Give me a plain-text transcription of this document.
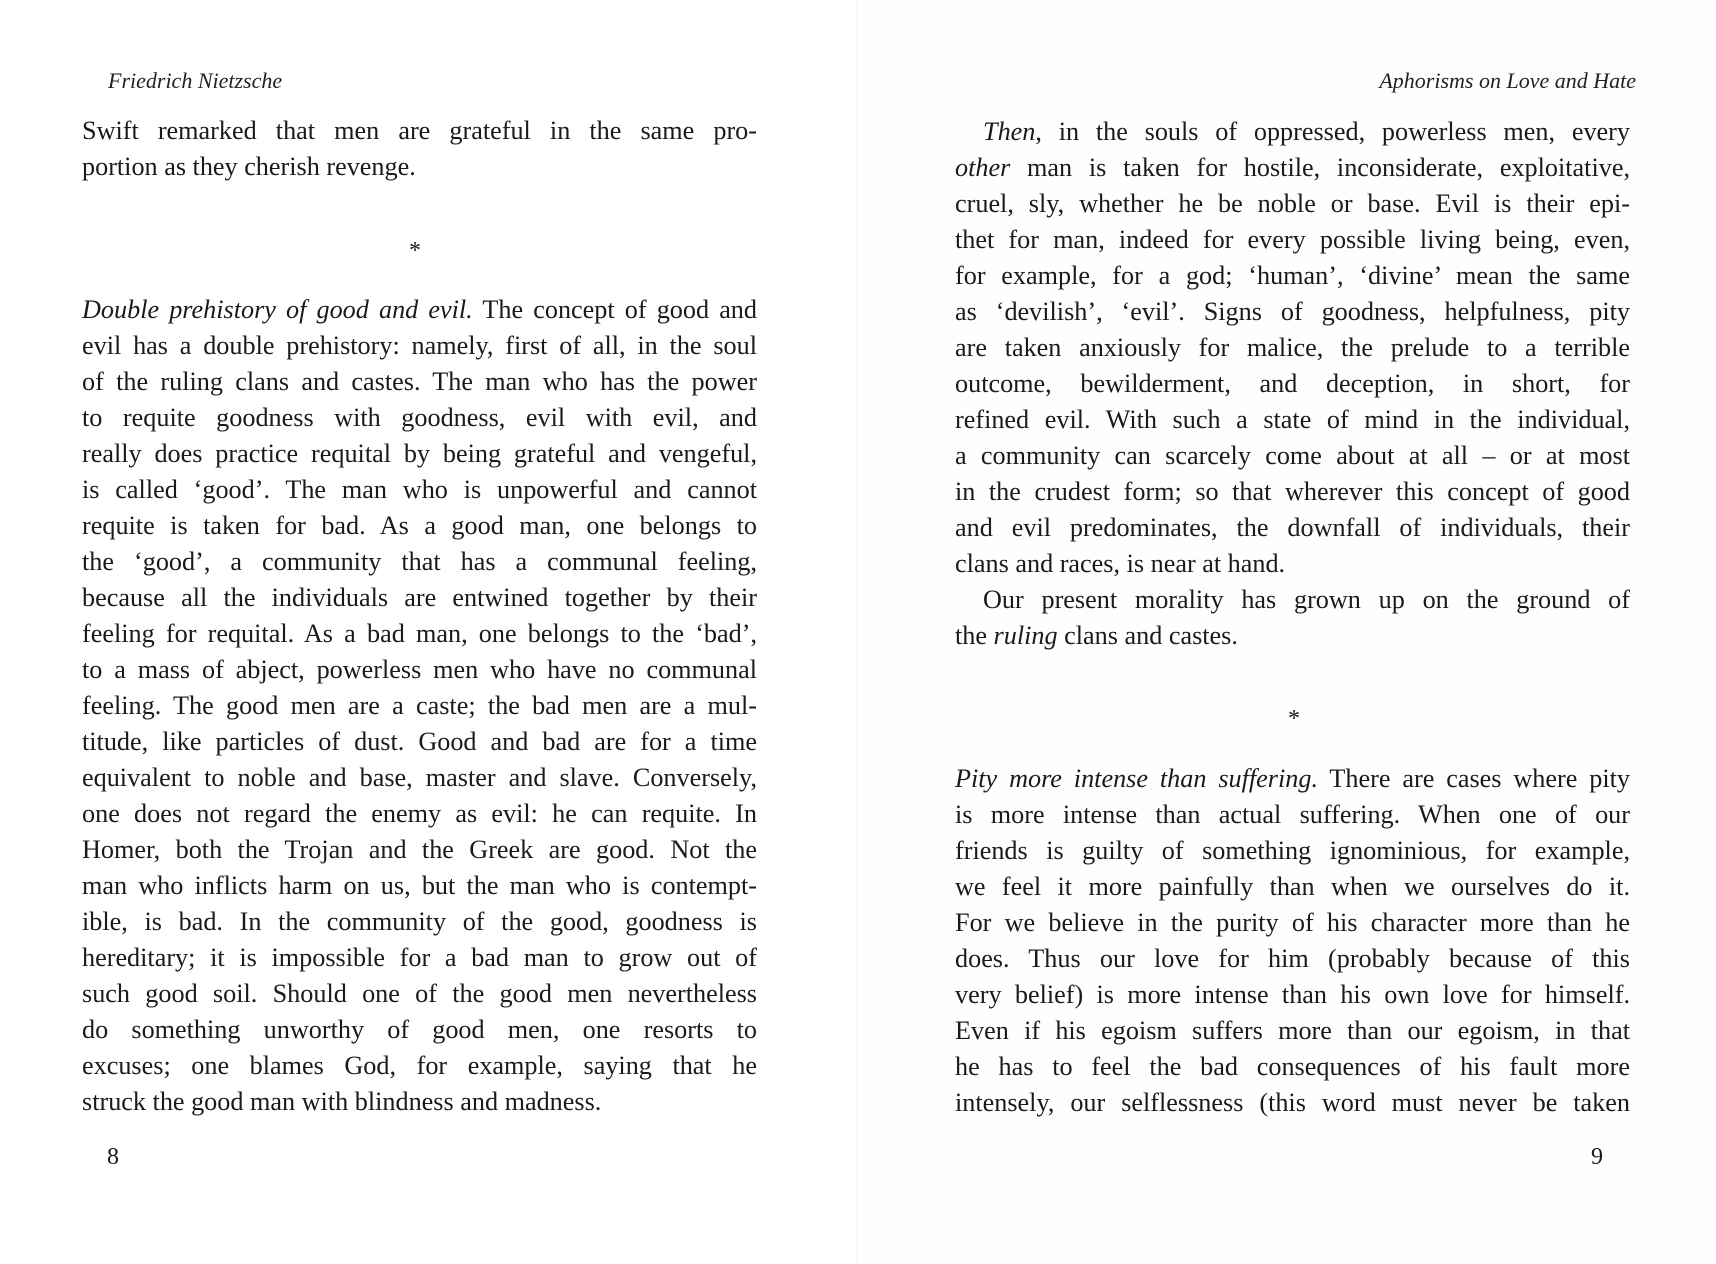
Friedrich Nietzsche
Swift remarked that men are grateful in the same pro-
portion as they cherish revenge.
*
Double prehistory of good and evil. The concept of good and
evil has a double prehistory: namely, first of all, in the soul
of the ruling clans and castes. The man who has the power
to requite goodness with goodness, evil with evil, and
really does practice requital by being grateful and vengeful,
is called ‘good’. The man who is unpowerful and cannot
requite is taken for bad. As a good man, one belongs to
the ‘good’, a community that has a communal feeling,
because all the individuals are entwined together by their
feeling for requital. As a bad man, one belongs to the ‘bad’,
to a mass of abject, powerless men who have no communal
feeling. The good men are a caste; the bad men are a mul-
titude, like particles of dust. Good and bad are for a time
equivalent to noble and base, master and slave. Conversely,
one does not regard the enemy as evil: he can requite. In
Homer, both the Trojan and the Greek are good. Not the
man who inflicts harm on us, but the man who is contempt-
ible, is bad. In the community of the good, goodness is
hereditary; it is impossible for a bad man to grow out of
such good soil. Should one of the good men nevertheless
do something unworthy of good men, one resorts to
excuses; one blames God, for example, saying that he
struck the good man with blindness and madness.
8
Aphorisms on Love and Hate
Then, in the souls of oppressed, powerless men, every
other man is taken for hostile, inconsiderate, exploitative,
cruel, sly, whether he be noble or base. Evil is their epi-
thet for man, indeed for every possible living being, even,
for example, for a god; ‘human’, ‘divine’ mean the same
as ‘devilish’, ‘evil’. Signs of goodness, helpfulness, pity
are taken anxiously for malice, the prelude to a terrible
outcome, bewilderment, and deception, in short, for
refined evil. With such a state of mind in the individual,
a community can scarcely come about at all – or at most
in the crudest form; so that wherever this concept of good
and evil predominates, the downfall of individuals, their
clans and races, is near at hand.
Our present morality has grown up on the ground of
the ruling clans and castes.
*
Pity more intense than suffering. There are cases where pity
is more intense than actual suffering. When one of our
friends is guilty of something ignominious, for example,
we feel it more painfully than when we ourselves do it.
For we believe in the purity of his character more than he
does. Thus our love for him (probably because of this
very belief) is more intense than his own love for himself.
Even if his egoism suffers more than our egoism, in that
he has to feel the bad consequences of his fault more
intensely, our selflessness (this word must never be taken
9
